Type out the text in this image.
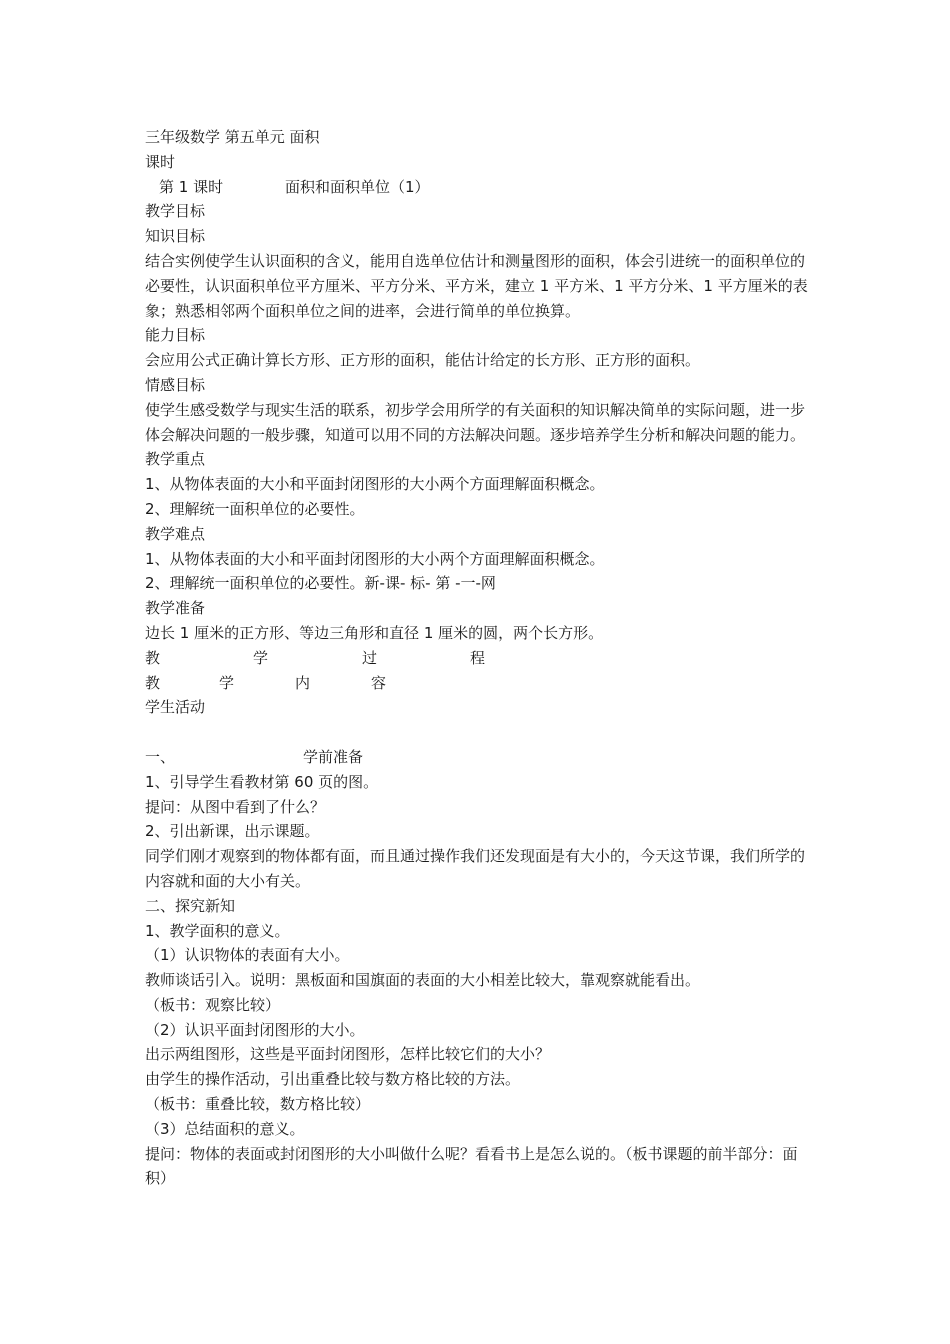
三年级数学 第五单元 面积
课时
第 1 课时	面积和面积单位（1）
教学目标
知识目标
结合实例使学生认识面积的含义，能用自选单位估计和测量图形的面积，体会引进统一的面积单位的必要性，认识面积单位平方厘米、平方分米、平方米，建立 1 平方米、1 平方分米、1 平方厘米的表象；熟悉相邻两个面积单位之间的进率，会进行简单的单位换算。
能力目标
会应用公式正确计算长方形、正方形的面积，能估计给定的长方形、正方形的面积。
情感目标
使学生感受数学与现实生活的联系，初步学会用所学的有关面积的知识解决简单的实际问题，进一步体会解决问题的一般步骤，知道可以用不同的方法解决问题。逐步培养学生分析和解决问题的能力。
教学重点
1、从物体表面的大小和平面封闭图形的大小两个方面理解面积概念。
2、理解统一面积单位的必要性。
教学难点
1、从物体表面的大小和平面封闭图形的大小两个方面理解面积概念。
2、理解统一面积单位的必要性。新-课- 标- 第 -一-网
教学准备
边长 1 厘米的正方形、等边三角形和直径 1 厘米的圆，两个长方形。
教	学	过	程
教	学	内	容
学生活动
一、	学前准备
1、引导学生看教材第 60 页的图。
提问：从图中看到了什么？
2、引出新课，出示课题。
同学们刚才观察到的物体都有面，而且通过操作我们还发现面是有大小的，今天这节课，我们所学的内容就和面的大小有关。
二、探究新知
1、教学面积的意义。
（1）认识物体的表面有大小。
教师谈话引入。说明：黑板面和国旗面的表面的大小相差比较大，靠观察就能看出。
（板书：观察比较）
（2）认识平面封闭图形的大小。
出示两组图形，这些是平面封闭图形，怎样比较它们的大小？
由学生的操作活动，引出重叠比较与数方格比较的方法。
（板书：重叠比较，数方格比较）
（3）总结面积的意义。
提问：物体的表面或封闭图形的大小叫做什么呢？看看书上是怎么说的。（板书课题的前半部分：面积）
